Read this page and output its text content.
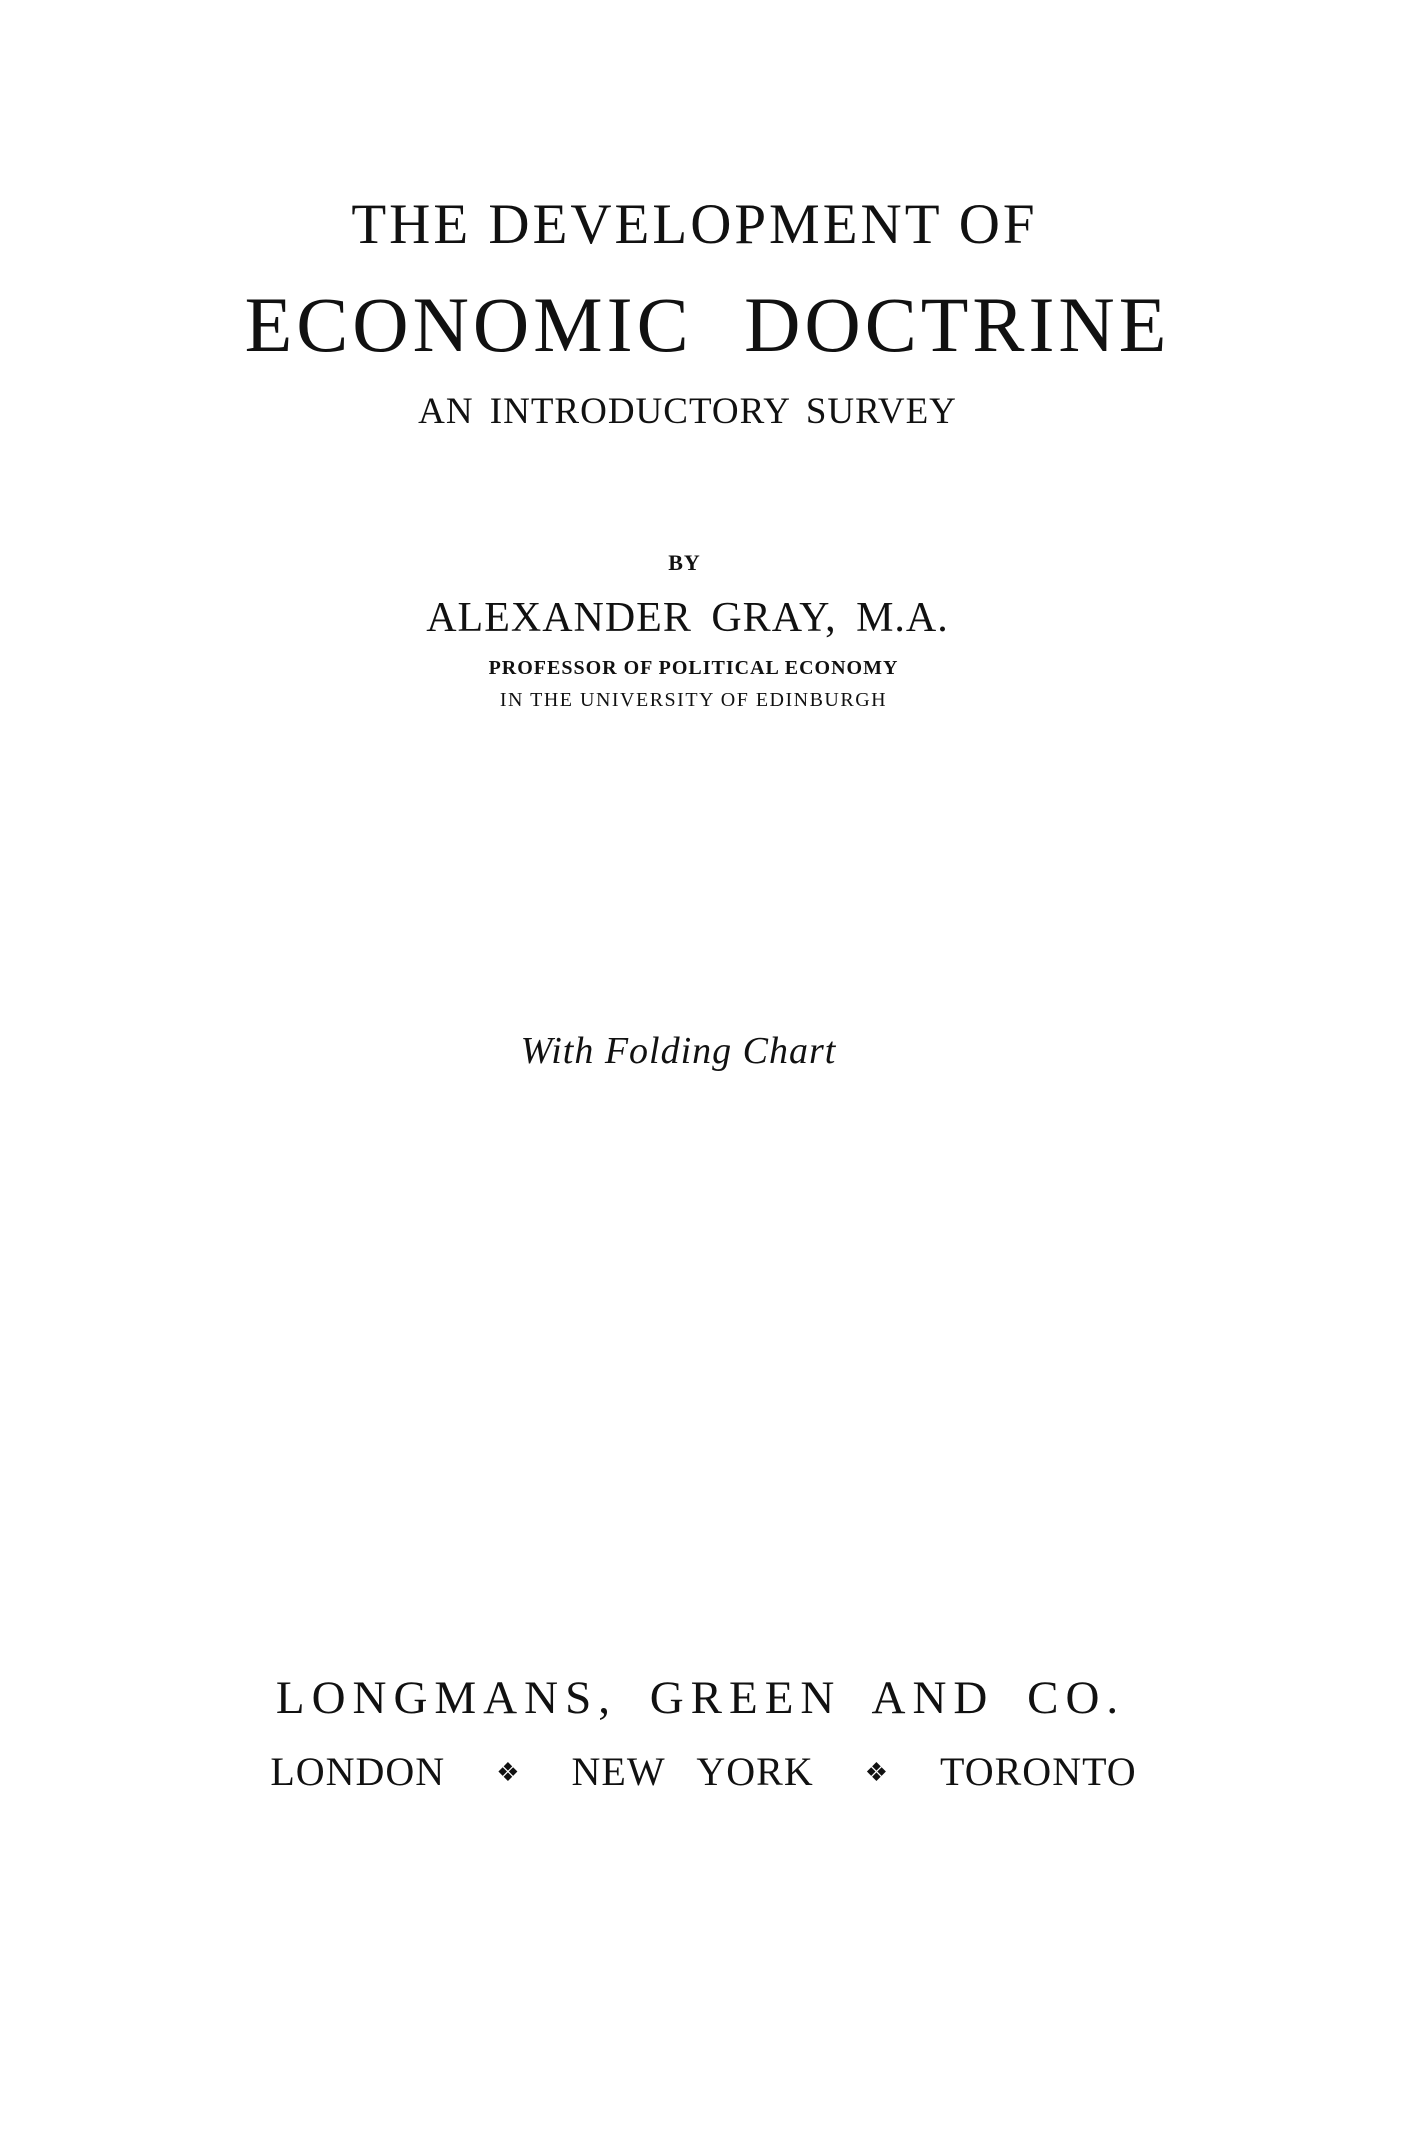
THE DEVELOPMENT OF
ECONOMIC DOCTRINE
AN INTRODUCTORY SURVEY
BY
ALEXANDER GRAY, M.A.
PROFESSOR OF POLITICAL ECONOMY
IN THE UNIVERSITY OF EDINBURGH
With Folding Chart
LONGMANS, GREEN AND CO.
LONDON ❖ NEW YORK ❖ TORONTO
